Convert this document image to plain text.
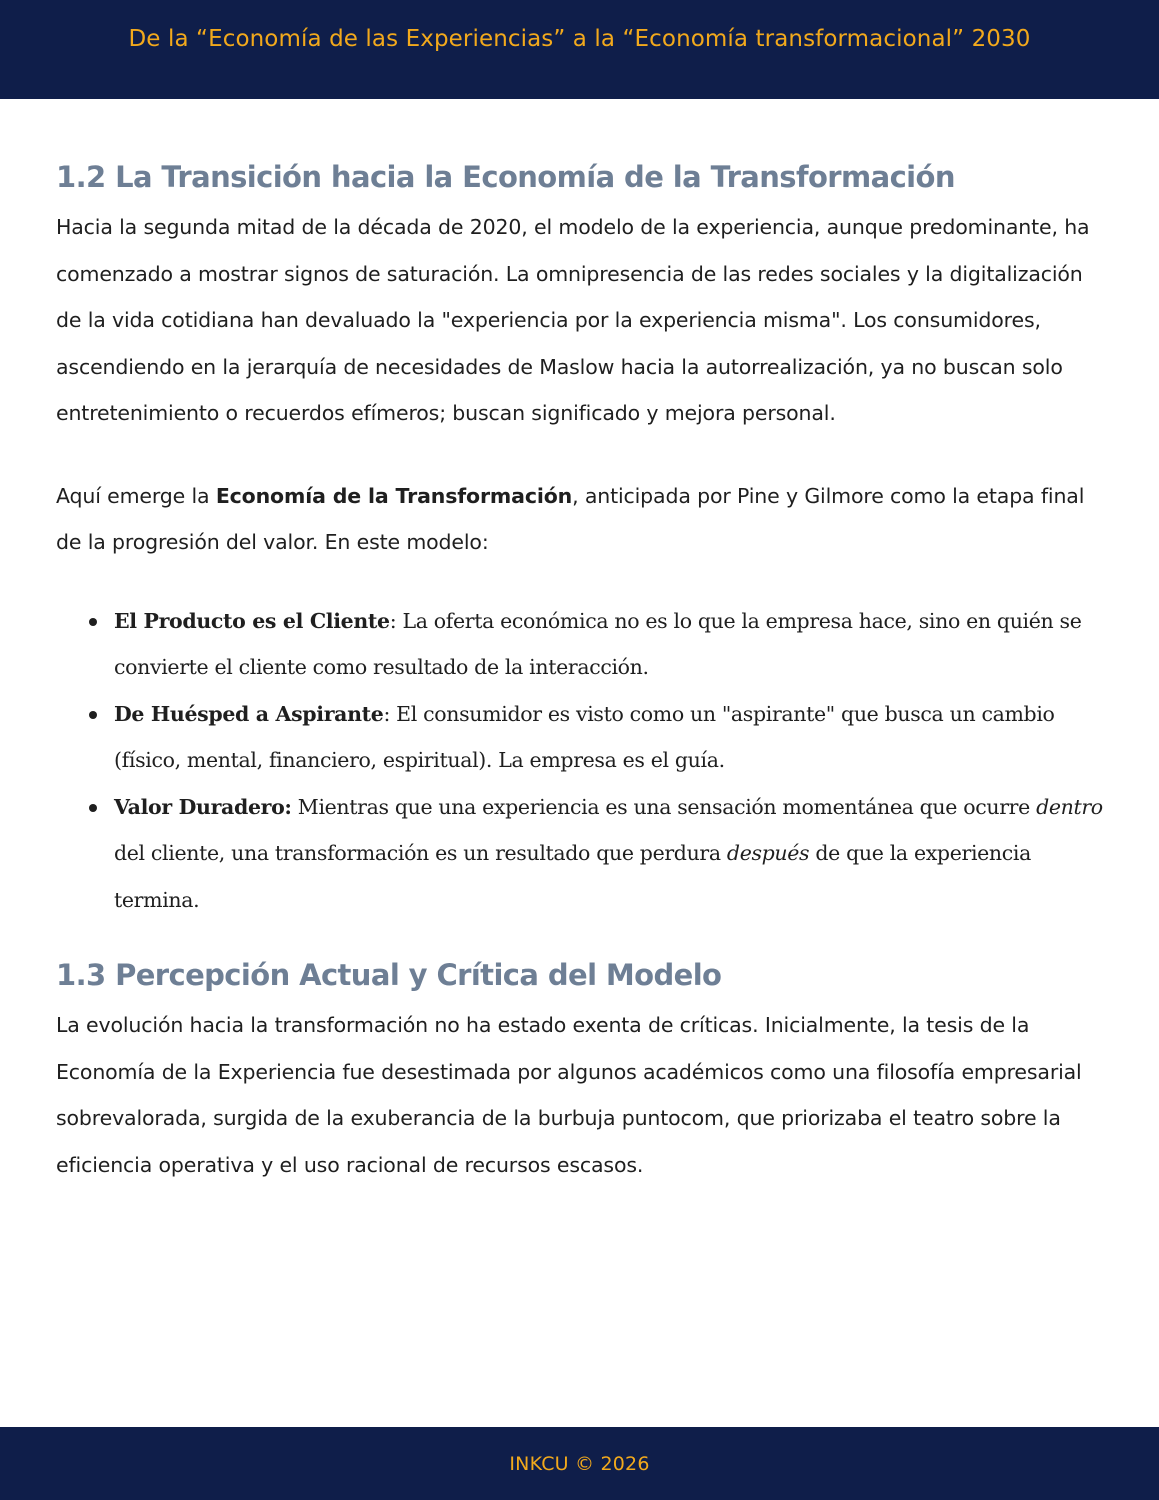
De la “Economía de las Experiencias” a la “Economía transformacional” 2030
1.2 La Transición hacia la Economía de la Transformación

Hacia la segunda mitad de la década de 2020, el modelo de la experiencia, aunque predominante, ha comenzado a mostrar signos de saturación. La omnipresencia de las redes sociales y la digitalización de la vida cotidiana han devaluado la "experiencia por la experiencia misma". Los consumidores, ascendiendo en la jerarquía de necesidades de Maslow hacia la autorrealización, ya no buscan solo entretenimiento o recuerdos efímeros; buscan significado y mejora personal.

Aquí emerge la Economía de la Transformación, anticipada por Pine y Gilmore como la etapa final de la progresión del valor. En este modelo:

El Producto es el Cliente: La oferta económica no es lo que la empresa hace, sino en quién se convierte el cliente como resultado de la interacción.
De Huésped a Aspirante: El consumidor es visto como un "aspirante" que busca un cambio (físico, mental, financiero, espiritual). La empresa es el guía.
Valor Duradero: Mientras que una experiencia es una sensación momentánea que ocurre dentro del cliente, una transformación es un resultado que perdura después de que la experiencia termina.
1.3 Percepción Actual y Crítica del Modelo

La evolución hacia la transformación no ha estado exenta de críticas. Inicialmente, la tesis de la Economía de la Experiencia fue desestimada por algunos académicos como una filosofía empresarial sobrevalorada, surgida de la exuberancia de la burbuja puntocom, que priorizaba el teatro sobre la eficiencia operativa y el uso racional de recursos escasos.

INKCU © 2026
